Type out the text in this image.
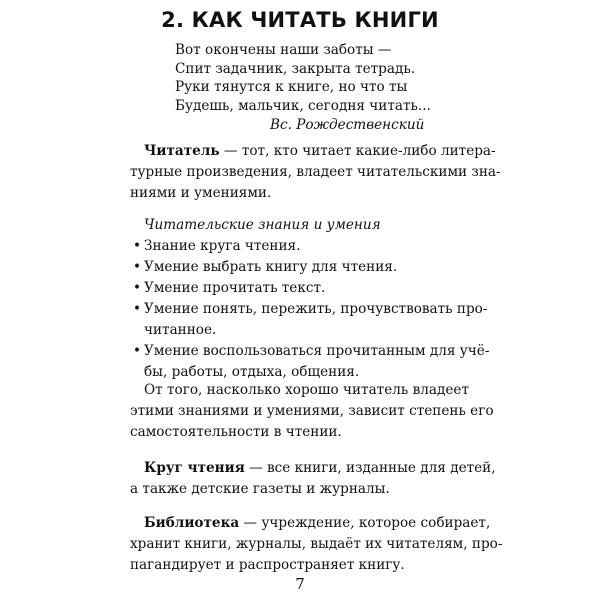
2. КАК ЧИТАТЬ КНИГИ
Вот окончены наши заботы —
Спит задачник, закрыта тетрадь.
Руки тянутся к книге, но что ты
Будешь, мальчик, сегодня читать...
Вс. Рождественский
Читатель — тот, кто читает какие-либо литера-
турные произведения, владеет читательскими зна-
ниями и умениями.
Читательские знания и умения
• Знание круга чтения.
• Умение выбрать книгу для чтения.
• Умение прочитать текст.
• Умение понять, пережить, прочувствовать про-
читанное.
• Умение воспользоваться прочитанным для учё-
бы, работы, отдыха, общения.
От того, насколько хорошо читатель владеет
этими знаниями и умениями, зависит степень его
самостоятельности в чтении.
Круг чтения — все книги, изданные для детей,
а также детские газеты и журналы.
Библиотека — учреждение, которое собирает,
хранит книги, журналы, выдаёт их читателям, про-
пагандирует и распространяет книгу.
7
